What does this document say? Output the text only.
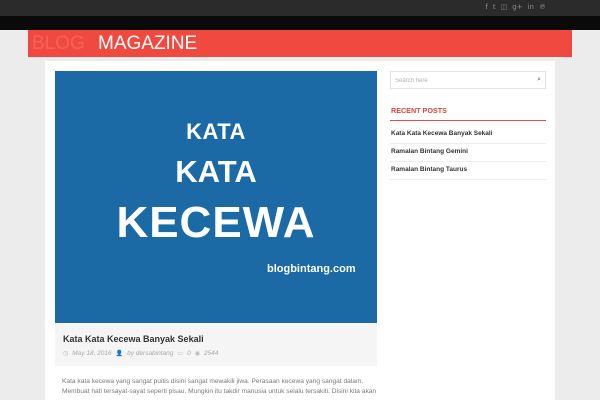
f t ◫ g+ in ℗
BLOG MAGAZINE
KATA
KATA
KECEWA
blogbintang.com
Kata Kata Kecewa Banyak Sekali
◷ May 18, 2016 👤 by dersabintang ▭ 0 ◉ 2544
Kata kata kecewa yang sangat puitis disini sangat mewakili jiwa. Perasaan kecewa yang sangat dalam. Membuat hati tersayat-sayat seperti pisau. Mungkin itu takdir manusia untuk selalu tersakiti. Disini kita akan
Search here
⌕
RECENT POSTS
Kata Kata Kecewa Banyak Sekali
Ramalan Bintang Gemini
Ramalan Bintang Taurus
